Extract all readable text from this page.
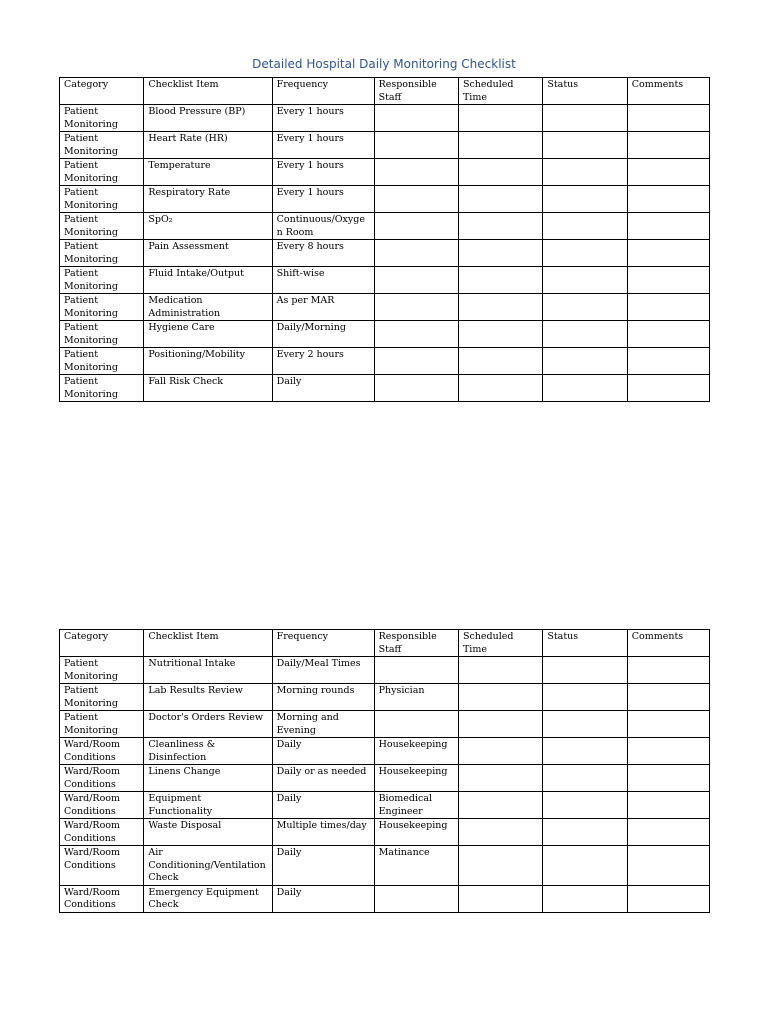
Detailed Hospital Daily Monitoring Checklist
Category	Checklist Item	Frequency	Responsible Staff	Scheduled Time	Status	Comments
Patient Monitoring	Blood Pressure (BP)	Every 1 hours				
Patient Monitoring	Heart Rate (HR)	Every 1 hours				
Patient Monitoring	Temperature	Every 1 hours				
Patient Monitoring	Respiratory Rate	Every 1 hours				
Patient Monitoring	SpO₂	Continuous/Oxygen Room				
Patient Monitoring	Pain Assessment	Every 8 hours				
Patient Monitoring	Fluid Intake/Output	Shift-wise				
Patient Monitoring	Medication Administration	As per MAR				
Patient Monitoring	Hygiene Care	Daily/Morning				
Patient Monitoring	Positioning/Mobility	Every 2 hours				
Patient Monitoring	Fall Risk Check	Daily				
Category	Checklist Item	Frequency	Responsible Staff	Scheduled Time	Status	Comments
Patient Monitoring	Nutritional Intake	Daily/Meal Times				
Patient Monitoring	Lab Results Review	Morning rounds	Physician			
Patient Monitoring	Doctor's Orders Review	Morning and Evening				
Ward/Room Conditions	Cleanliness & Disinfection	Daily	Housekeeping			
Ward/Room Conditions	Linens Change	Daily or as needed	Housekeeping			
Ward/Room Conditions	Equipment Functionality	Daily	Biomedical Engineer			
Ward/Room Conditions	Waste Disposal	Multiple times/day	Housekeeping			
Ward/Room Conditions	Air Conditioning/Ventilation Check	Daily	Matinance			
Ward/Room Conditions	Emergency Equipment Check	Daily				
